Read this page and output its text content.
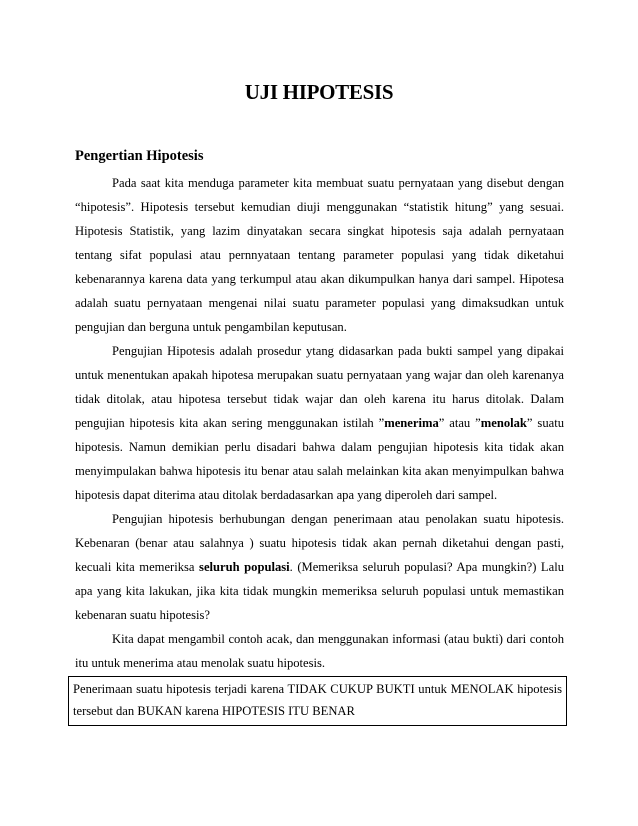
UJI HIPOTESIS
Pengertian Hipotesis

Pada saat kita menduga parameter kita membuat suatu pernyataan yang disebut dengan “hipotesis”. Hipotesis tersebut kemudian diuji menggunakan “statistik hitung” yang sesuai. Hipotesis Statistik, yang lazim dinyatakan secara singkat hipotesis saja adalah pernyataan tentang sifat populasi atau pernnyataan tentang parameter populasi yang tidak diketahui kebenarannya karena data yang terkumpul atau akan dikumpulkan hanya dari sampel. Hipotesa adalah suatu pernyataan mengenai nilai suatu parameter populasi yang dimaksudkan untuk pengujian dan berguna untuk pengambilan keputusan.

Pengujian Hipotesis adalah prosedur ytang didasarkan pada bukti sampel yang dipakai untuk menentukan apakah hipotesa merupakan suatu pernyataan yang wajar dan oleh karenanya tidak ditolak, atau hipotesa tersebut tidak wajar dan oleh karena itu harus ditolak. Dalam pengujian hipotesis kita akan sering menggunakan istilah ”menerima” atau ”menolak” suatu hipotesis. Namun demikian perlu disadari bahwa dalam pengujian hipotesis kita tidak akan menyimpulakan bahwa hipotesis itu benar atau salah melainkan kita akan menyimpulkan bahwa hipotesis dapat diterima atau ditolak berdadasarkan apa yang diperoleh dari sampel.

Pengujian hipotesis berhubungan dengan penerimaan atau penolakan suatu hipotesis. Kebenaran (benar atau salahnya ) suatu hipotesis tidak akan pernah diketahui dengan pasti, kecuali kita memeriksa seluruh populasi. (Memeriksa seluruh populasi? Apa mungkin?) Lalu apa yang kita lakukan, jika kita tidak mungkin memeriksa seluruh populasi untuk memastikan kebenaran suatu hipotesis?

Kita dapat mengambil contoh acak, dan menggunakan informasi (atau bukti) dari contoh itu untuk menerima atau menolak suatu hipotesis.

Penerimaan suatu hipotesis terjadi karena TIDAK CUKUP BUKTI untuk MENOLAK hipotesis tersebut dan BUKAN karena HIPOTESIS ITU BENAR
